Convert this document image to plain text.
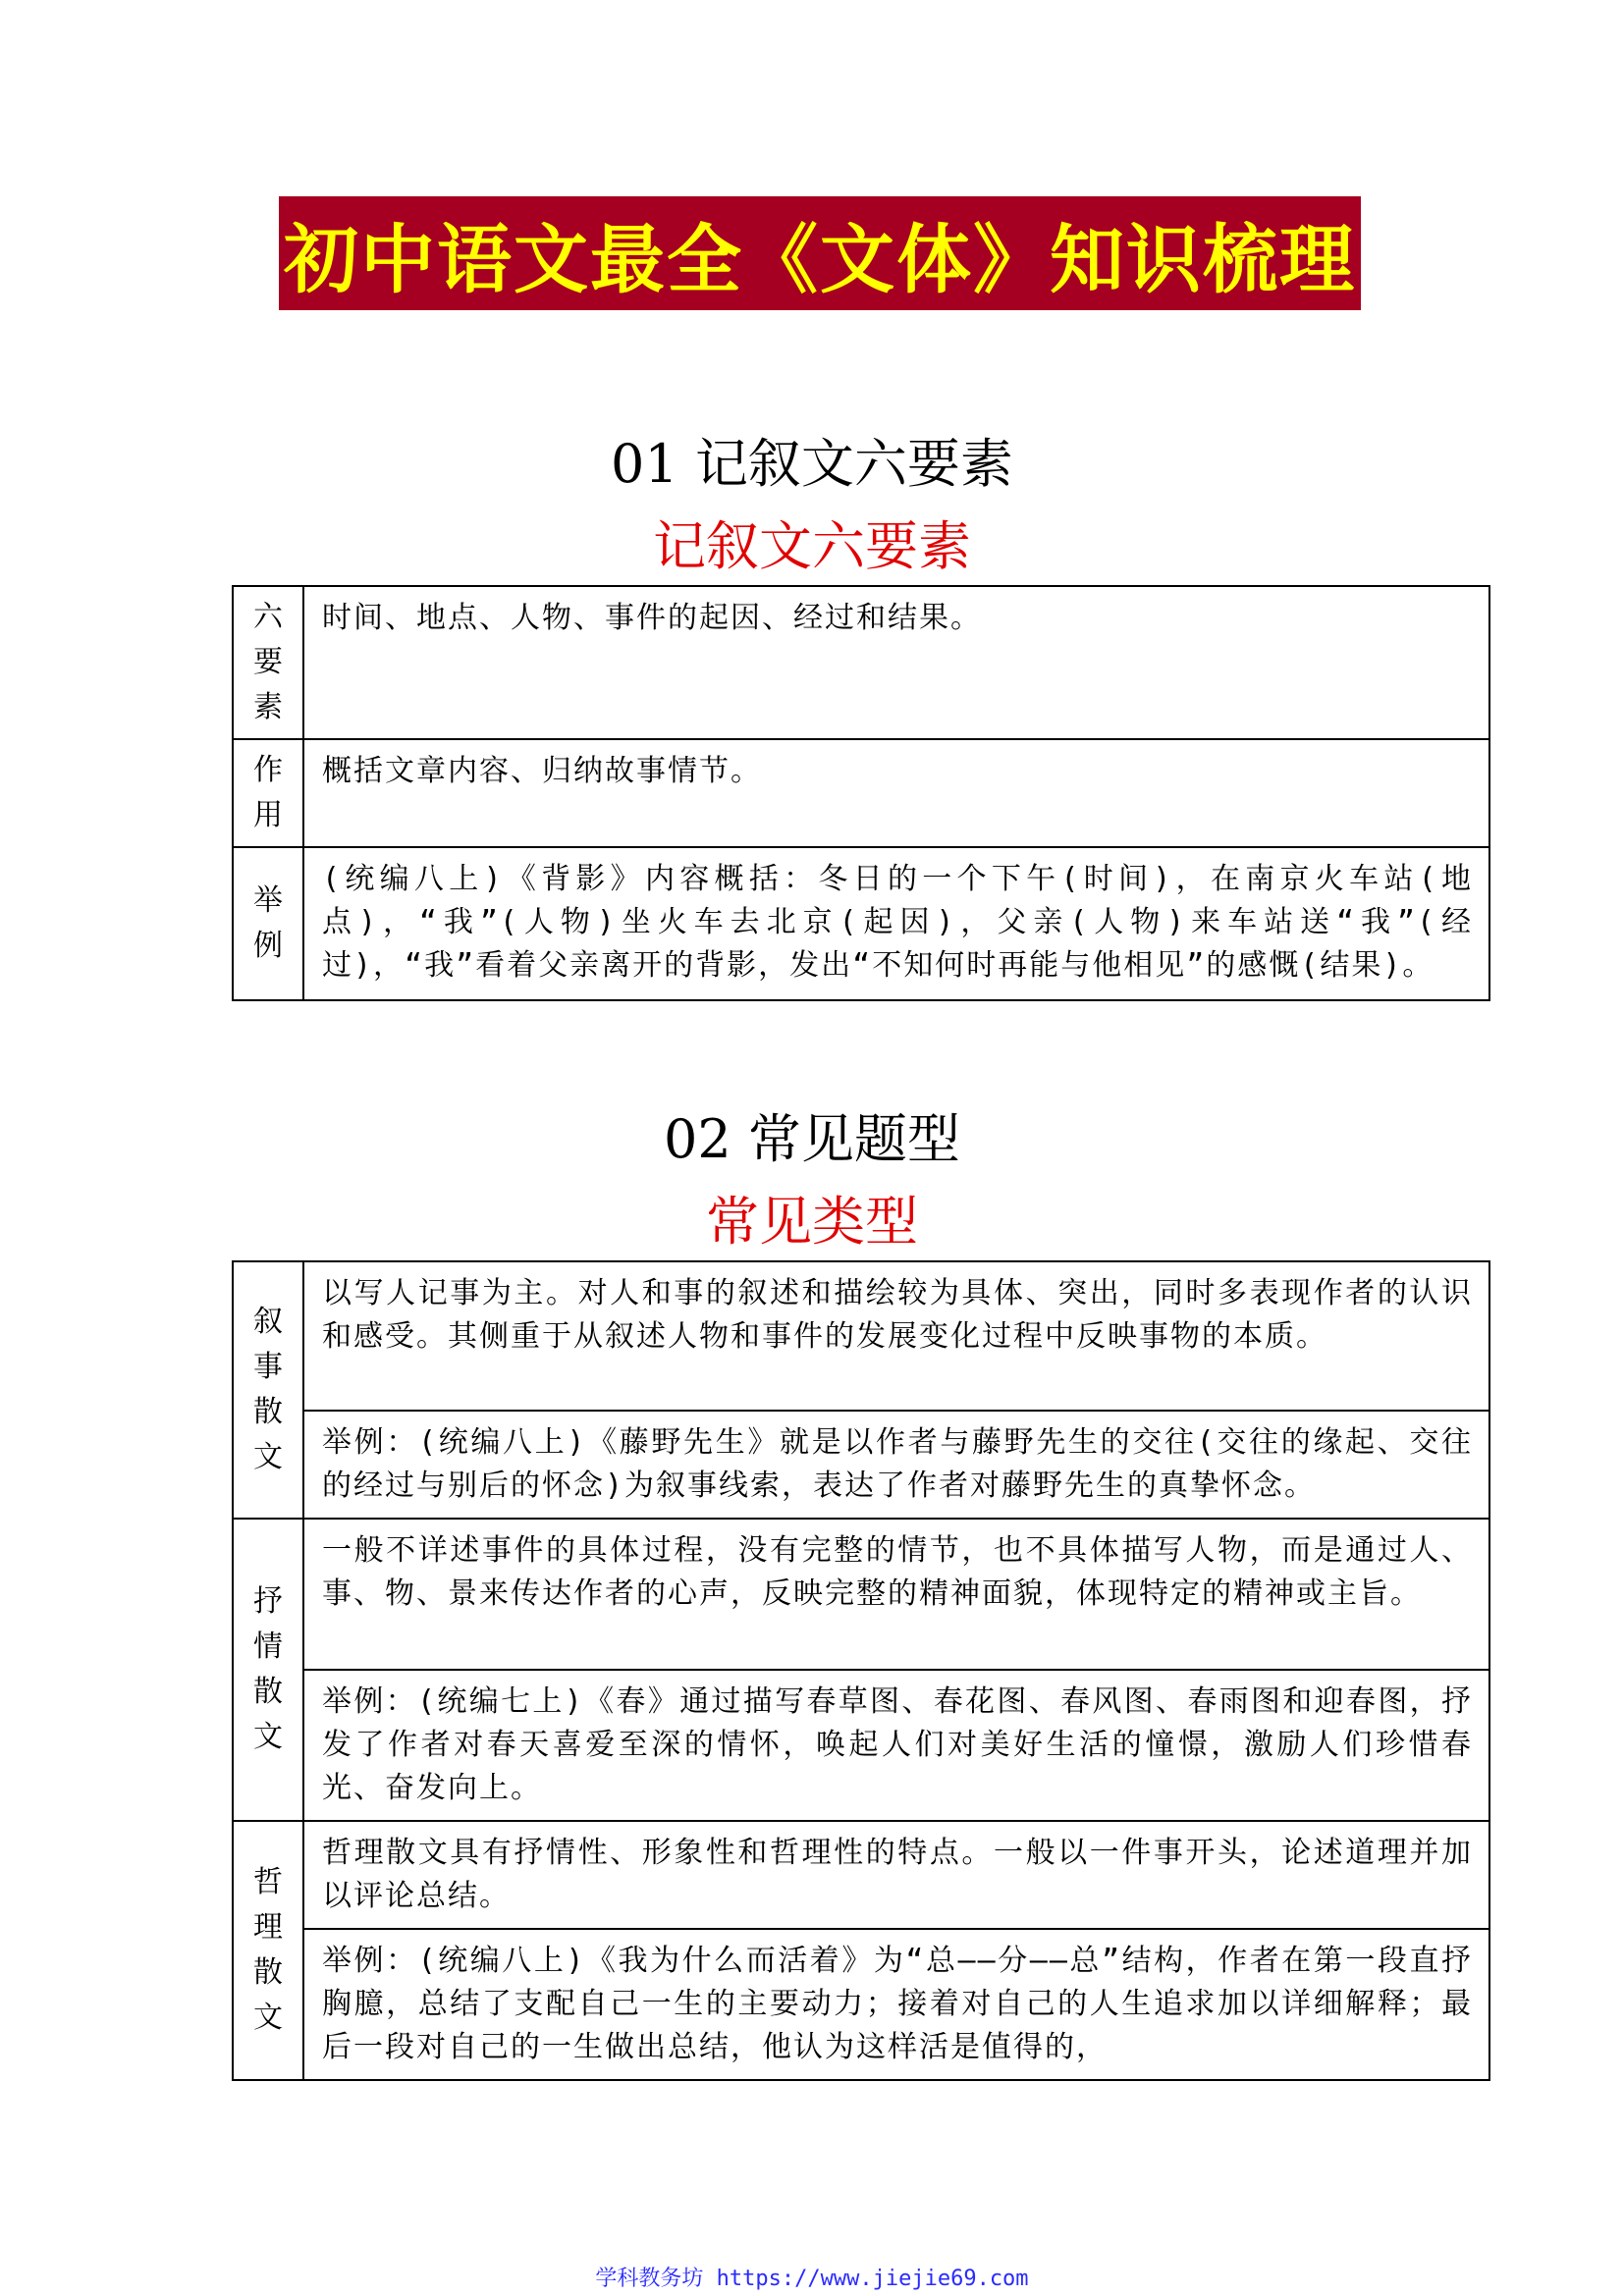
初中语文最全《文体》知识梳理
01 记叙文六要素
记叙文六要素
六要素	时间、地点、人物、事件的起因、经过和结果。
作用	概括文章内容、归纳故事情节。
举例	(统编八上)《背影》内容概括：冬日的一个下午(时间)，在南京火车站(地点)，“我”(人物)坐火车去北京(起因)，父亲(人物)来车站送“我”(经过)，“我”看着父亲离开的背影，发出“不知何时再能与他相见”的感慨(结果)。
02 常见题型
常见类型
叙事散文	以写人记事为主。对人和事的叙述和描绘较为具体、突出，同时多表现作者的认识和感受。其侧重于从叙述人物和事件的发展变化过程中反映事物的本质。
	举例：(统编八上)《藤野先生》就是以作者与藤野先生的交往(交往的缘起、交往的经过与别后的怀念)为叙事线索，表达了作者对藤野先生的真挚怀念。
抒情散文	一般不详述事件的具体过程，没有完整的情节，也不具体描写人物，而是通过人、事、物、景来传达作者的心声，反映完整的精神面貌，体现特定的精神或主旨。
	举例：(统编七上)《春》通过描写春草图、春花图、春风图、春雨图和迎春图，抒发了作者对春天喜爱至深的情怀，唤起人们对美好生活的憧憬，激励人们珍惜春光、奋发向上。
哲理散文	哲理散文具有抒情性、形象性和哲理性的特点。一般以一件事开头，论述道理并加以评论总结。
	举例：(统编八上)《我为什么而活着》为“总——分——总”结构，作者在第一段直抒胸臆，总结了支配自己一生的主要动力；接着对自己的人生追求加以详细解释；最后一段对自己的一生做出总结，他认为这样活是值得的，
学科教务坊 https://www.jiejie69.com
